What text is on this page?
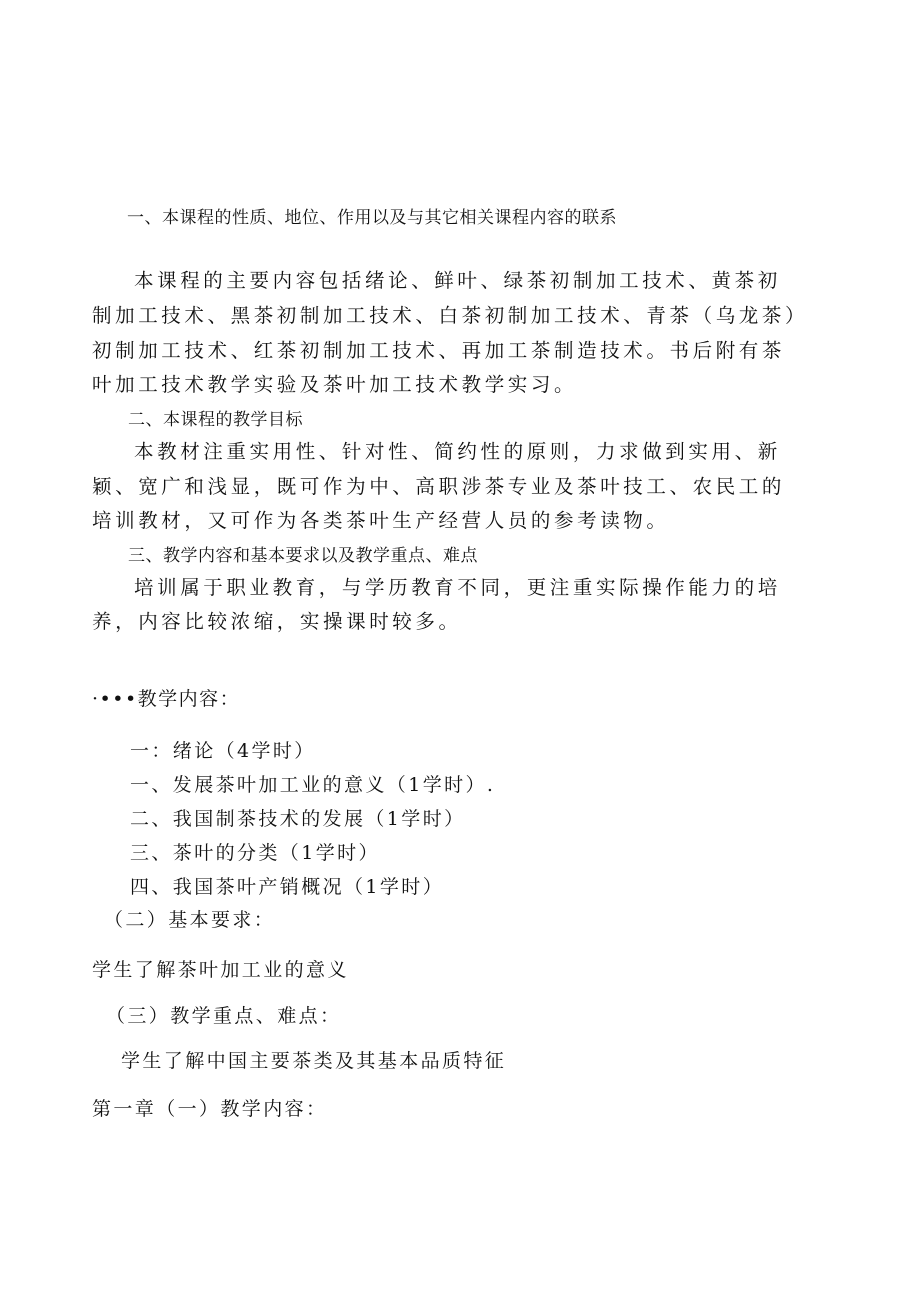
一、本课程的性质、地位、作用以及与其它相关课程内容的联系

本课程的主要内容包括绪论、鲜叶、绿茶初制加工技术、黄茶初

制加工技术、黑茶初制加工技术、白茶初制加工技术、青茶（乌龙茶）

初制加工技术、红茶初制加工技术、再加工茶制造技术。书后附有茶

叶加工技术教学实验及茶叶加工技术教学实习。

二、本课程的教学目标

本教材注重实用性、针对性、简约性的原则，力求做到实用、新

颖、宽广和浅显，既可作为中、高职涉茶专业及茶叶技工、农民工的

培训教材，又可作为各类茶叶生产经营人员的参考读物。

三、教学内容和基本要求以及教学重点、难点

培训属于职业教育，与学历教育不同，更注重实际操作能力的培

养，内容比较浓缩，实操课时较多。

·•••教学内容：

一：绪论（4学时）

一、发展茶叶加工业的意义（1学时）.

二、我国制茶技术的发展（1学时）

三、茶叶的分类（1学时）

四、我国茶叶产销概况（1学时）

（二）基本要求：

学生了解茶叶加工业的意义

（三）教学重点、难点：

学生了解中国主要茶类及其基本品质特征

第一章（一）教学内容：
